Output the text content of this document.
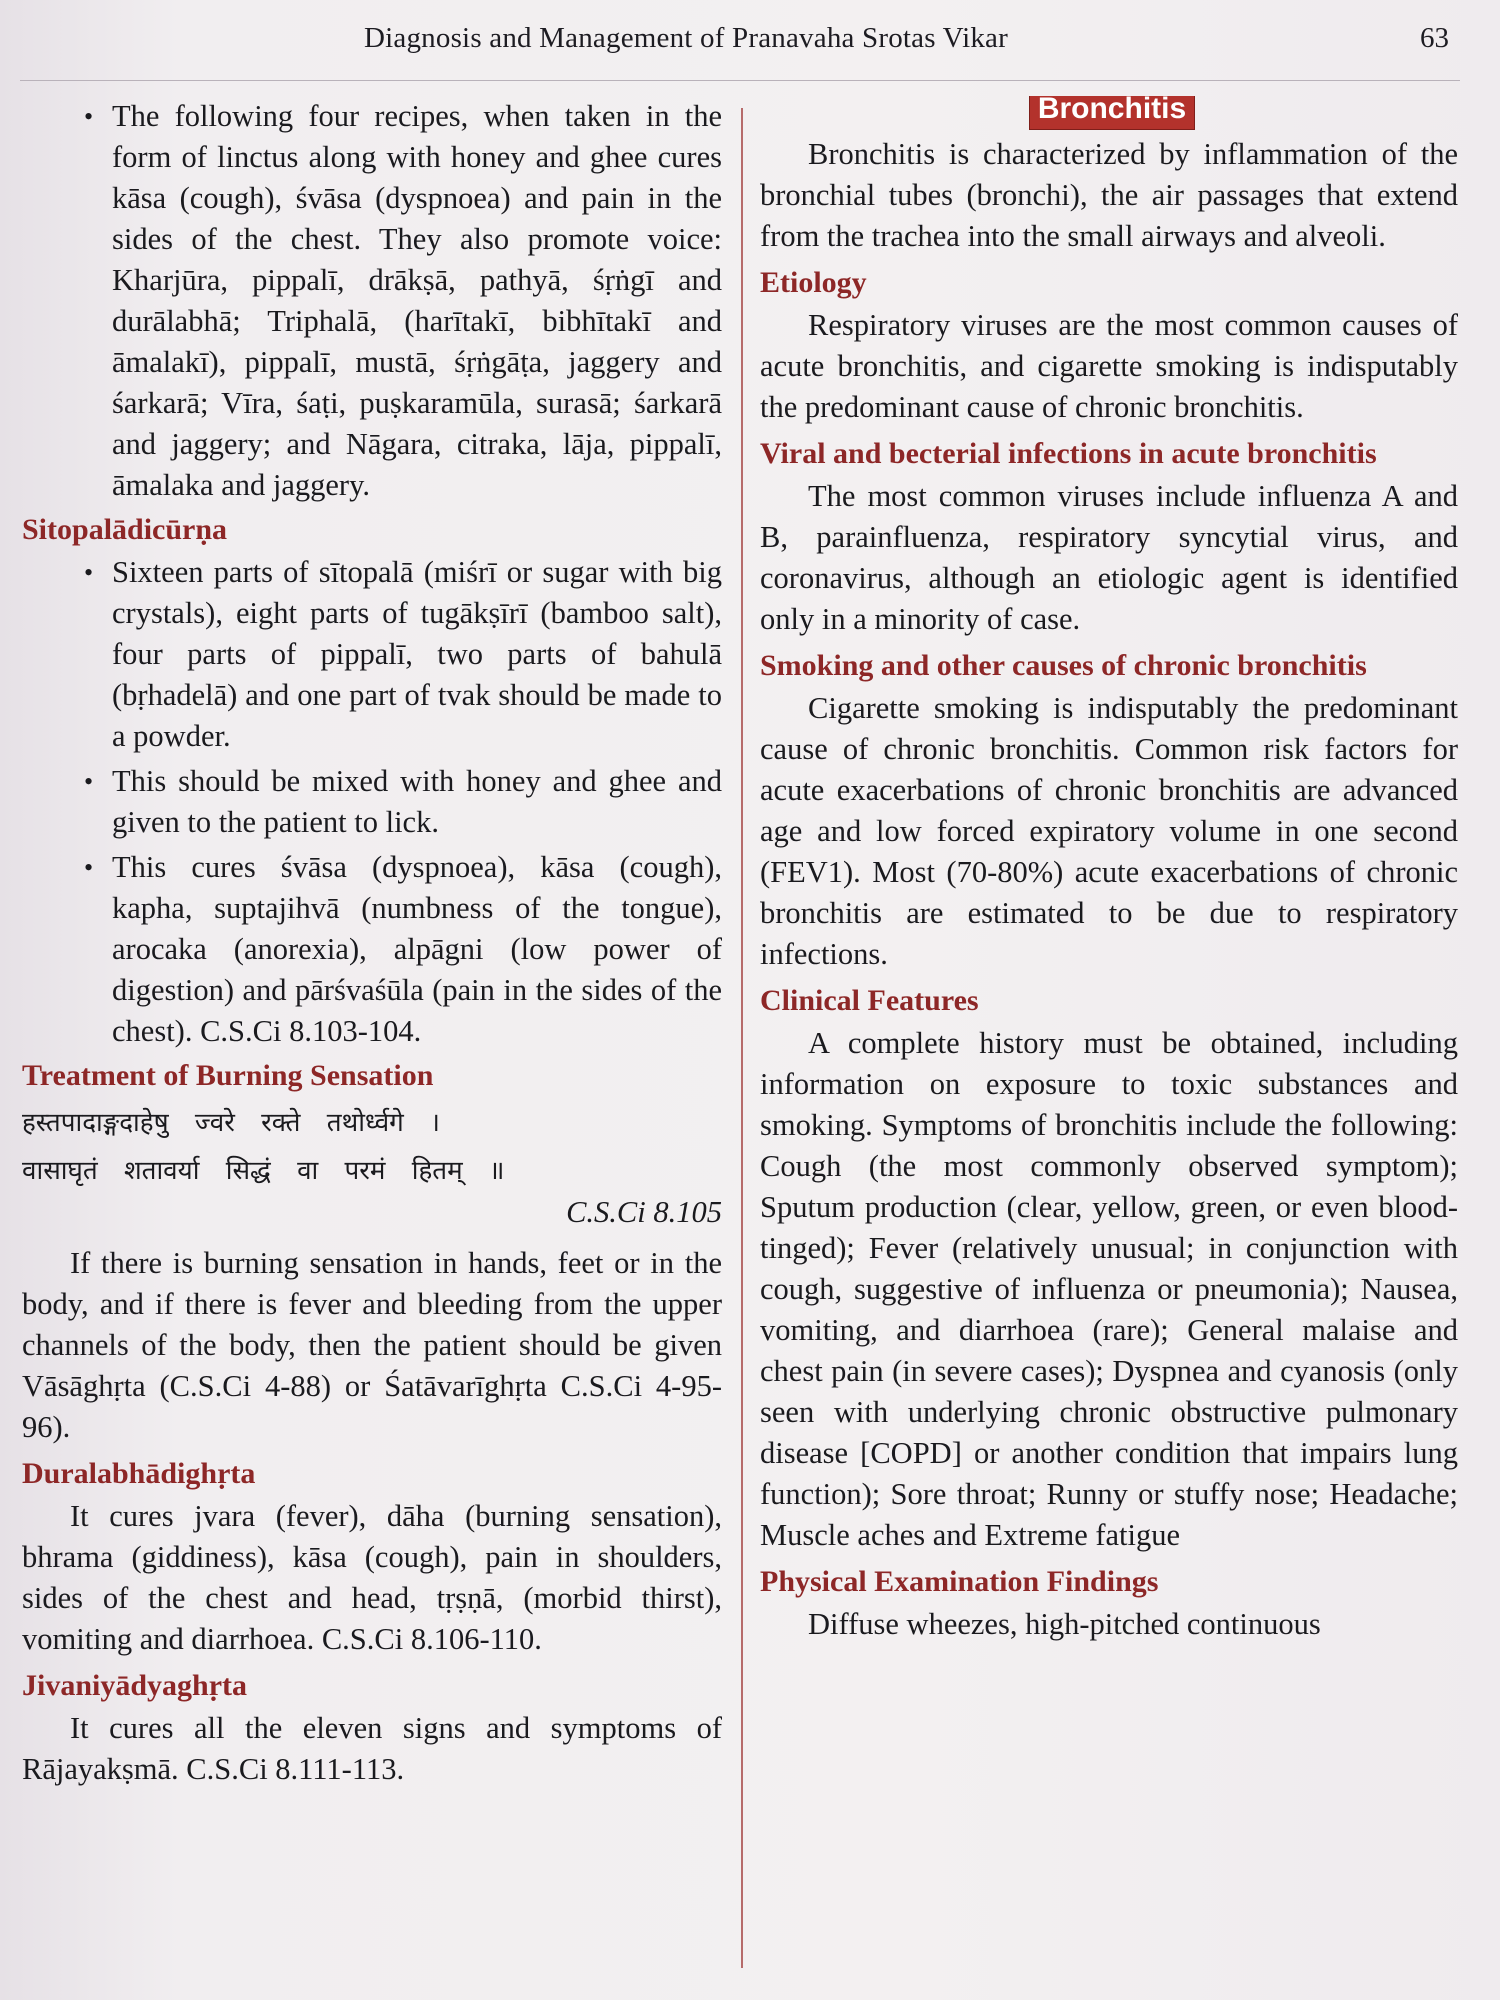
Diagnosis and Management of Pranavaha Srotas Vikar	63
• The following four recipes, when taken in the form of linctus along with honey and ghee cures kāsa (cough), śvāsa (dyspnoea) and pain in the sides of the chest. They also promote voice: Kharjūra, pippalī, drākṣā, pathyā, śṛṅgī and durālabhā; Triphalā, (harītakī, bibhītakī and āmalakī), pippalī, mustā, śṛṅgāṭa, jaggery and śarkarā; Vīra, śaṭi, puṣkaramūla, surasā; śarkarā and jaggery; and Nāgara, citraka, lāja, pippalī, āmalaka and jaggery.
Sitopalādicūrṇa
• Sixteen parts of sītopalā (miśrī or sugar with big crystals), eight parts of tugākṣīrī (bamboo salt), four parts of pippalī, two parts of bahulā (bṛhadelā) and one part of tvak should be made to a powder.
• This should be mixed with honey and ghee and given to the patient to lick.
• This cures śvāsa (dyspnoea), kāsa (cough), kapha, suptajihvā (numbness of the tongue), arocaka (anorexia), alpāgni (low power of digestion) and pārśvaśūla (pain in the sides of the chest). C.S.Ci 8.103-104.
Treatment of Burning Sensation

हस्तपादाङ्गदाहेषु ज्वरे रक्ते तथोर्ध्वगे ।

वासाघृतं शतावर्या सिद्धं वा परमं हितम् ॥

C.S.Ci 8.105

If there is burning sensation in hands, feet or in the body, and if there is fever and bleeding from the upper channels of the body, then the patient should be given Vāsāghṛta (C.S.Ci 4-88) or Śatāvarīghṛta C.S.Ci 4-95-96).

Duralabhādighṛta

It cures jvara (fever), dāha (burning sensation), bhrama (giddiness), kāsa (cough), pain in shoulders, sides of the chest and head, tṛṣṇā, (morbid thirst), vomiting and diarrhoea. C.S.Ci 8.106-110.

Jivaniyādyaghṛta

It cures all the eleven signs and symptoms of Rājayakṣmā. C.S.Ci 8.111-113.

Bronchitis

Bronchitis is characterized by inflammation of the bronchial tubes (bronchi), the air passages that extend from the trachea into the small airways and alveoli.

Etiology

Respiratory viruses are the most common causes of acute bronchitis, and cigarette smoking is indisputably the predominant cause of chronic bronchitis.

Viral and becterial infections in acute bronchitis

The most common viruses include influenza A and B, parainfluenza, respiratory syncytial virus, and coronavirus, although an etiologic agent is identified only in a minority of case.

Smoking and other causes of chronic bronchitis

Cigarette smoking is indisputably the predominant cause of chronic bronchitis. Common risk factors for acute exacerbations of chronic bronchitis are advanced age and low forced expiratory volume in one second (FEV1). Most (70-80%) acute exacerbations of chronic bronchitis are estimated to be due to respiratory infections.

Clinical Features

A complete history must be obtained, including information on exposure to toxic substances and smoking. Symptoms of bronchitis include the following: Cough (the most commonly observed symptom); Sputum production (clear, yellow, green, or even blood-tinged); Fever (relatively unusual; in conjunction with cough, suggestive of influenza or pneumonia); Nausea, vomiting, and diarrhoea (rare); General malaise and chest pain (in severe cases); Dyspnea and cyanosis (only seen with underlying chronic obstructive pulmonary disease [COPD] or another condition that impairs lung function); Sore throat; Runny or stuffy nose; Headache; Muscle aches and Extreme fatigue

Physical Examination Findings

Diffuse wheezes, high-pitched continuous
